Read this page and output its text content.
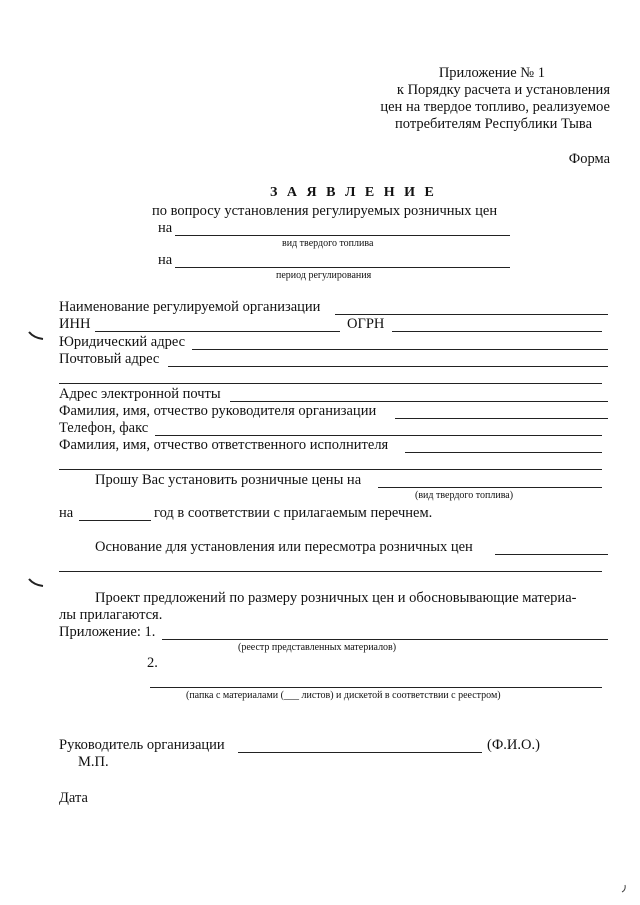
Приложение № 1
к Порядку расчета и установления
цен на твердое топливо, реализуемое
потребителям Республики Тыва
Форма
З А Я В Л Е Н И Е
по вопросу установления регулируемых розничных цен
на
вид твердого топлива
на
период регулирования
Наименование регулируемой организации
ИНН	ОГРН
Юридический адрес
Почтовый адрес
Адрес электронной почты
Фамилия, имя, отчество руководителя организации
Телефон, факс
Фамилия, имя, отчество ответственного исполнителя
Прошу Вас установить розничные цены на
(вид твердого топлива)
на	год в соответствии с прилагаемым перечнем.
Основание для установления или пересмотра розничных цен
Проект предложений по размеру розничных цен и обосновывающие материа-
лы прилагаются.
Приложение: 1.
(реестр представленных материалов)
2.
(папка с материалами (___ листов) и дискетой в соответствии с реестром)
Руководитель организации	(Ф.И.О.)
М.П.
Дата
